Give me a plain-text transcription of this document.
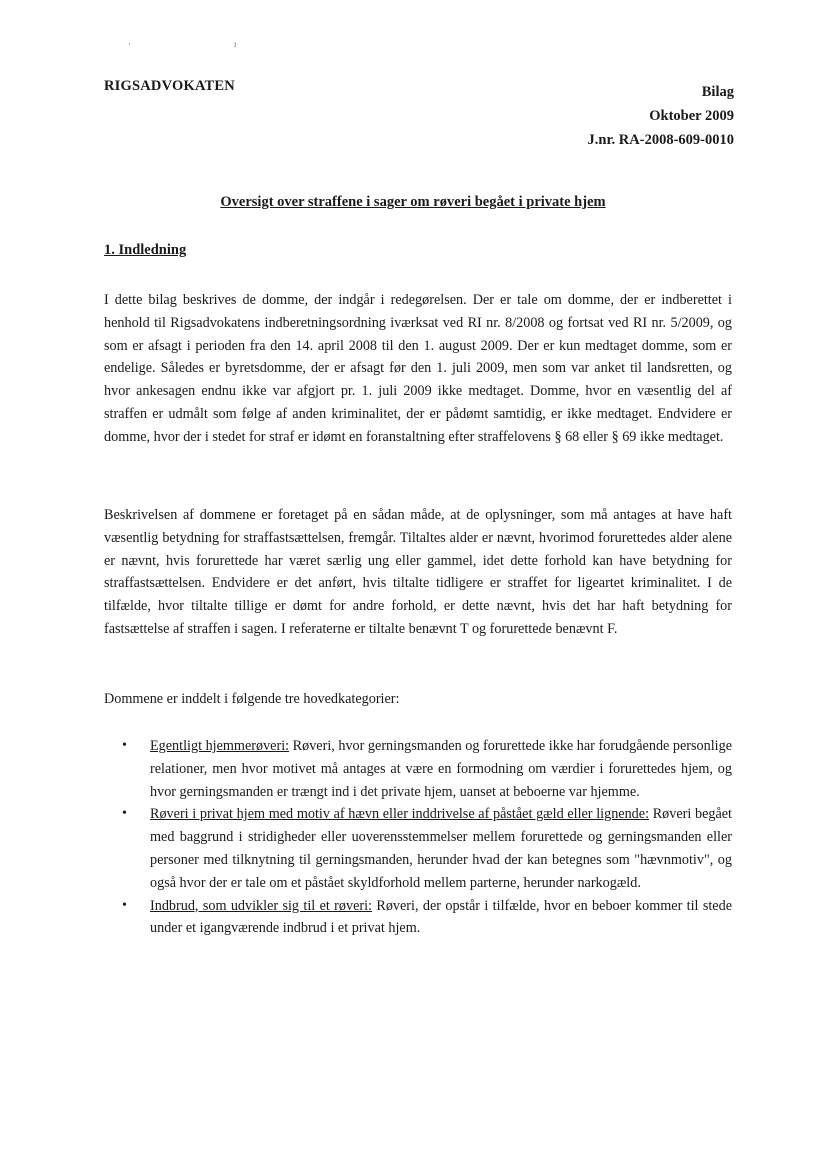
ˈ ˀ
RIGSADVOKATEN	Bilag
Oktober 2009
J.nr. RA-2008-609-0010
Oversigt over straffene i sager om røveri begået i private hjem
1. Indledning
I dette bilag beskrives de domme, der indgår i redegørelsen. Der er tale om domme, der er indberettet i henhold til Rigsadvokatens indberetningsordning iværksat ved RI nr. 8/2008 og fortsat ved RI nr. 5/2009, og som er afsagt i perioden fra den 14. april 2008 til den 1. august 2009. Der er kun medtaget domme, som er endelige. Således er byretsdomme, der er afsagt før den 1. juli 2009, men som var anket til landsretten, og hvor ankesagen endnu ikke var afgjort pr. 1. juli 2009 ikke medtaget. Domme, hvor en væsentlig del af straffen er udmålt som følge af anden kriminalitet, der er pådømt samtidig, er ikke medtaget. Endvidere er domme, hvor der i stedet for straf er idømt en foranstaltning efter straffelovens § 68 eller § 69 ikke medtaget.
Beskrivelsen af dommene er foretaget på en sådan måde, at de oplysninger, som må antages at have haft væsentlig betydning for straffastsættelsen, fremgår. Tiltaltes alder er nævnt, hvorimod forurettedes alder alene er nævnt, hvis forurettede har været særlig ung eller gammel, idet dette forhold kan have betydning for straffastsættelsen. Endvidere er det anført, hvis tiltalte tidligere er straffet for ligeartet kriminalitet. I de tilfælde, hvor tiltalte tillige er dømt for andre forhold, er dette nævnt, hvis det har haft betydning for fastsættelse af straffen i sagen. I referaterne er tiltalte benævnt T og forurettede benævnt F.
Dommene er inddelt i følgende tre hovedkategorier:
• Egentligt hjemmerøveri: Røveri, hvor gerningsmanden og forurettede ikke har forudgående personlige relationer, men hvor motivet må antages at være en formodning om værdier i forurettedes hjem, og hvor gerningsmanden er trængt ind i det private hjem, uanset at beboerne var hjemme.
• Røveri i privat hjem med motiv af hævn eller inddrivelse af påstået gæld eller lignende: Røveri begået med baggrund i stridigheder eller uoverensstemmelser mellem forurettede og gerningsmanden eller personer med tilknytning til gerningsmanden, herunder hvad der kan betegnes som "hævnmotiv", og også hvor der er tale om et påstået skyldforhold mellem parterne, herunder narkogæld.
• Indbrud, som udvikler sig til et røveri: Røveri, der opstår i tilfælde, hvor en beboer kommer til stede under et igangværende indbrud i et privat hjem.
